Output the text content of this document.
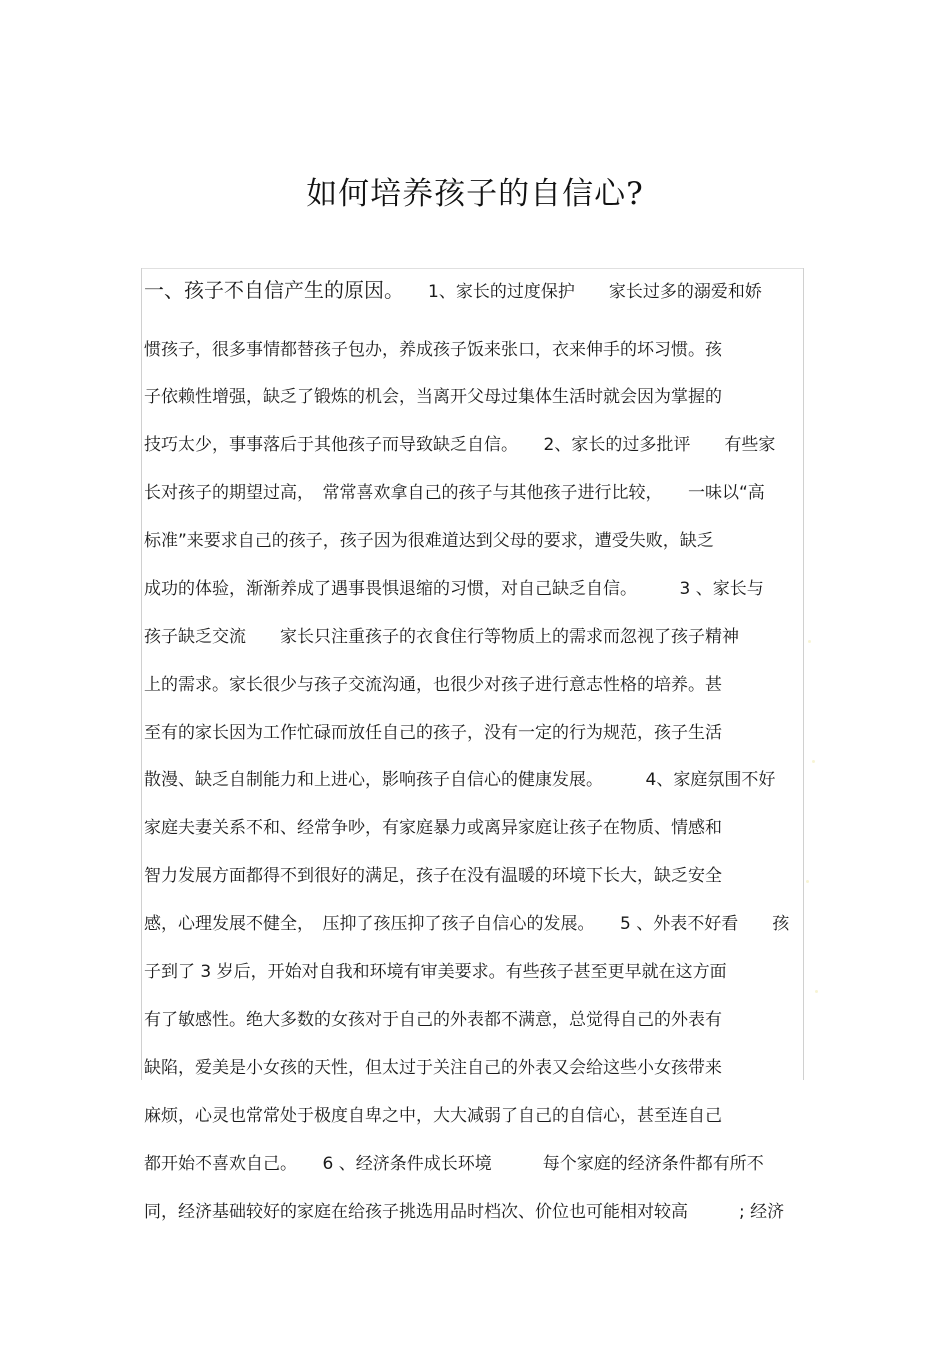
如何培养孩子的自信心?
一、孩子不自信产生的原因。　　1、家长的过度保护　　家长过多的溺爱和娇
惯孩子，很多事情都替孩子包办，养成孩子饭来张口，衣来伸手的坏习惯。孩
子依赖性增强，缺乏了锻炼的机会，当离开父母过集体生活时就会因为掌握的
技巧太少，事事落后于其他孩子而导致缺乏自信。　　2、家长的过多批评　　有些家
长对孩子的期望过高，　常常喜欢拿自己的孩子与其他孩子进行比较，　　一味以“高
标准”来要求自己的孩子，孩子因为很难道达到父母的要求，遭受失败，缺乏
成功的体验，渐渐养成了遇事畏惧退缩的习惯，对自己缺乏自信。　　　3 、家长与
孩子缺乏交流　　家长只注重孩子的衣食住行等物质上的需求而忽视了孩子精神
上的需求。家长很少与孩子交流沟通，也很少对孩子进行意志性格的培养。甚
至有的家长因为工作忙碌而放任自己的孩子，没有一定的行为规范，孩子生活
散漫、缺乏自制能力和上进心，影响孩子自信心的健康发展。　　　4、家庭氛围不好
家庭夫妻关系不和、经常争吵，有家庭暴力或离异家庭让孩子在物质、情感和
智力发展方面都得不到很好的满足，孩子在没有温暖的环境下长大，缺乏安全
感，心理发展不健全，　压抑了孩压抑了孩子自信心的发展。　　5 、外表不好看　　孩
子到了 3 岁后，开始对自我和环境有审美要求。有些孩子甚至更早就在这方面
有了敏感性。绝大多数的女孩对于自己的外表都不满意，总觉得自己的外表有
缺陷，爱美是小女孩的天性，但太过于关注自己的外表又会给这些小女孩带来
麻烦，心灵也常常处于极度自卑之中，大大减弱了自己的自信心，甚至连自己
都开始不喜欢自己。　　6 、经济条件成长环境　　　每个家庭的经济条件都有所不
同，经济基础较好的家庭在给孩子挑选用品时档次、价位也可能相对较高　　　; 经济
